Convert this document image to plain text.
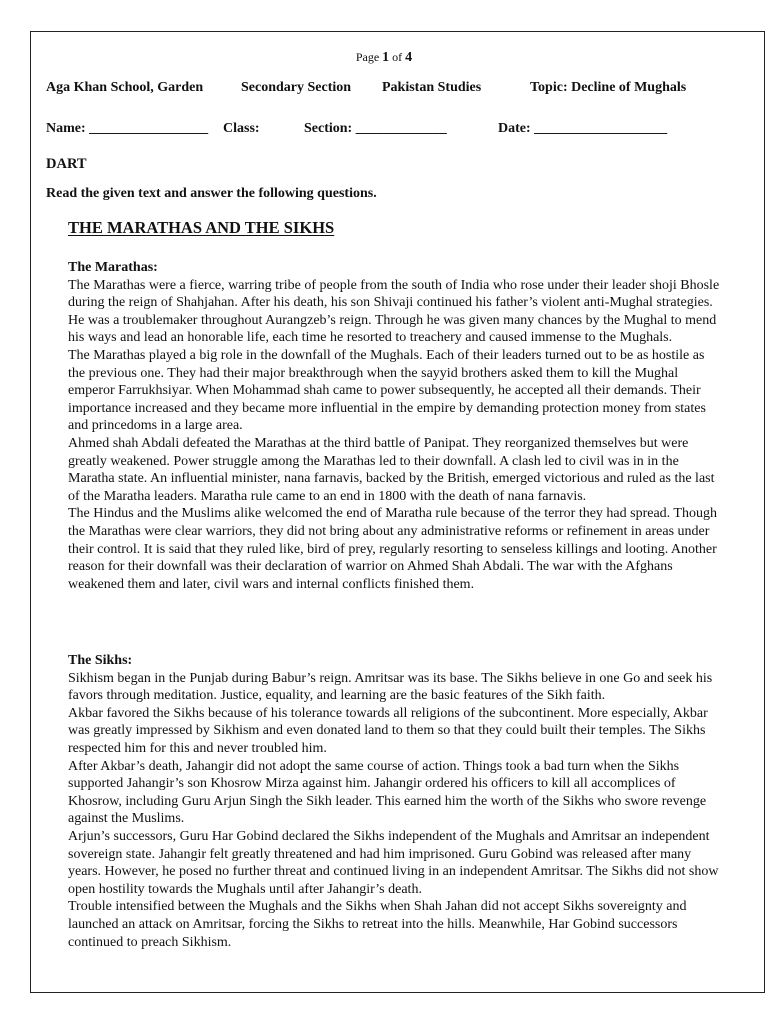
Page 1 of 4
Aga Khan School, Garden	Secondary Section Pakistan Studies	Topic: Decline of Mughals
Name: _________________ Class:	Section: _____________	Date: ___________________
DART
Read the given text and answer the following questions.
THE MARATHAS AND THE SIKHS
The Marathas:

The Marathas were a fierce, warring tribe of people from the south of India who rose under their leader shoji Bhosle during the reign of Shahjahan. After his death, his son Shivaji continued his father’s violent anti-Mughal strategies. He was a troublemaker throughout Aurangzeb’s reign. Through he was given many chances by the Mughal to mend his ways and lead an honorable life, each time he resorted to treachery and caused immense to the Mughals.

The Marathas played a big role in the downfall of the Mughals. Each of their leaders turned out to be as hostile as the previous one. They had their major breakthrough when the sayyid brothers asked them to kill the Mughal emperor Farrukhsiyar. When Mohammad shah came to power subsequently, he accepted all their demands. Their importance increased and they became more influential in the empire by demanding protection money from states and princedoms in a large area.

Ahmed shah Abdali defeated the Marathas at the third battle of Panipat. They reorganized themselves but were greatly weakened. Power struggle among the Marathas led to their downfall. A clash led to civil was in in the Maratha state. An influential minister, nana farnavis, backed by the British, emerged victorious and ruled as the last of the Maratha leaders. Maratha rule came to an end in 1800 with the death of nana farnavis.

The Hindus and the Muslims alike welcomed the end of Maratha rule because of the terror they had spread. Though the Marathas were clear warriors, they did not bring about any administrative reforms or refinement in areas under their control. It is said that they ruled like, bird of prey, regularly resorting to senseless killings and looting. Another reason for their downfall was their declaration of warrior on Ahmed Shah Abdali. The war with the Afghans weakened them and later, civil wars and internal conflicts finished them.

The Sikhs:

Sikhism began in the Punjab during Babur’s reign. Amritsar was its base. The Sikhs believe in one Go and seek his favors through meditation. Justice, equality, and learning are the basic features of the Sikh faith.

Akbar favored the Sikhs because of his tolerance towards all religions of the subcontinent. More especially, Akbar was greatly impressed by Sikhism and even donated land to them so that they could built their temples. The Sikhs respected him for this and never troubled him.

After Akbar’s death, Jahangir did not adopt the same course of action. Things took a bad turn when the Sikhs supported Jahangir’s son Khosrow Mirza against him. Jahangir ordered his officers to kill all accomplices of Khosrow, including Guru Arjun Singh the Sikh leader. This earned him the worth of the Sikhs who swore revenge against the Muslims.

Arjun’s successors, Guru Har Gobind declared the Sikhs independent of the Mughals and Amritsar an independent sovereign state. Jahangir felt greatly threatened and had him imprisoned. Guru Gobind was released after many years. However, he posed no further threat and continued living in an independent Amritsar. The Sikhs did not show open hostility towards the Mughals until after Jahangir’s death.

Trouble intensified between the Mughals and the Sikhs when Shah Jahan did not accept Sikhs sovereignty and launched an attack on Amritsar, forcing the Sikhs to retreat into the hills. Meanwhile, Har Gobind successors continued to preach Sikhism.
